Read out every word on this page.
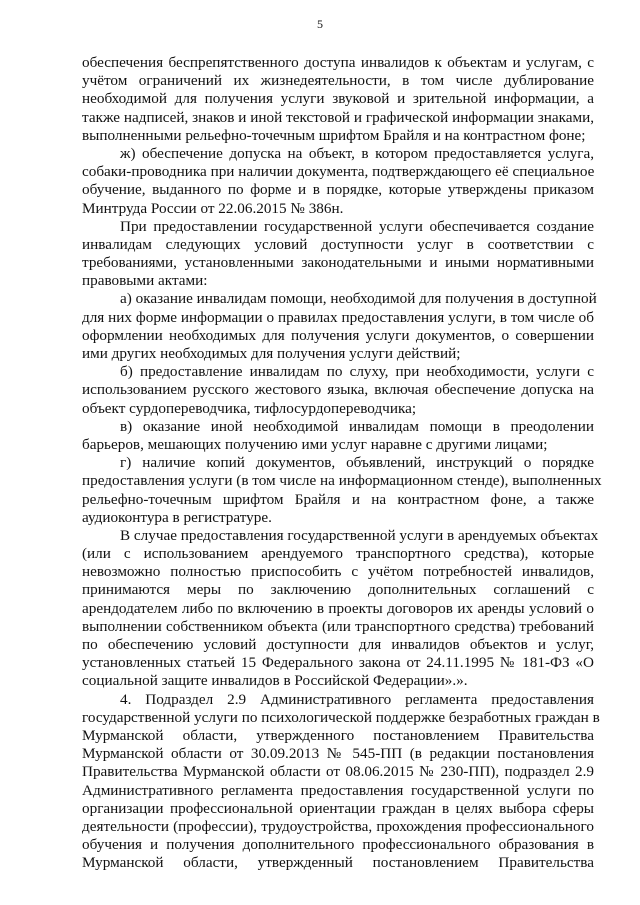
5
обеспечения беспрепятственного доступа инвалидов к объектам и услугам, с
учётом ограничений их жизнедеятельности, в том числе дублирование
необходимой для получения услуги звуковой и зрительной информации, а
также надписей, знаков и иной текстовой и графической информации знаками,
выполненными рельефно-точечным шрифтом Брайля и на контрастном фоне;
ж) обеспечение допуска на объект, в котором предоставляется услуга,
собаки-проводника при наличии документа, подтверждающего её специальное
обучение, выданного по форме и в порядке, которые утверждены приказом
Минтруда России от 22.06.2015 № 386н.
При предоставлении государственной услуги обеспечивается создание
инвалидам следующих условий доступности услуг в соответствии с
требованиями, установленными законодательными и иными нормативными
правовыми актами:
а) оказание инвалидам помощи, необходимой для получения в доступной
для них форме информации о правилах предоставления услуги, в том числе об
оформлении необходимых для получения услуги документов, о совершении
ими других необходимых для получения услуги действий;
б) предоставление инвалидам по слуху, при необходимости, услуги с
использованием русского жестового языка, включая обеспечение допуска на
объект сурдопереводчика, тифлосурдопереводчика;
в) оказание иной необходимой инвалидам помощи в преодолении
барьеров, мешающих получению ими услуг наравне с другими лицами;
г) наличие копий документов, объявлений, инструкций о порядке
предоставления услуги (в том числе на информационном стенде), выполненных
рельефно-точечным шрифтом Брайля и на контрастном фоне, а также
аудиоконтура в регистратуре.
В случае предоставления государственной услуги в арендуемых объектах
(или с использованием арендуемого транспортного средства), которые
невозможно полностью приспособить с учётом потребностей инвалидов,
принимаются меры по заключению дополнительных соглашений с
арендодателем либо по включению в проекты договоров их аренды условий о
выполнении собственником объекта (или транспортного средства) требований
по обеспечению условий доступности для инвалидов объектов и услуг,
установленных статьей 15 Федерального закона от 24.11.1995 № 181-ФЗ «О
социальной защите инвалидов в Российской Федерации».».
4. Подраздел 2.9 Административного регламента предоставления
государственной услуги по психологической поддержке безработных граждан в
Мурманской области, утвержденного постановлением Правительства
Мурманской области от 30.09.2013 № 545-ПП (в редакции постановления
Правительства Мурманской области от 08.06.2015 № 230-ПП), подраздел 2.9
Административного регламента предоставления государственной услуги по
организации профессиональной ориентации граждан в целях выбора сферы
деятельности (профессии), трудоустройства, прохождения профессионального
обучения и получения дополнительного профессионального образования в
Мурманской области, утвержденный постановлением Правительства
